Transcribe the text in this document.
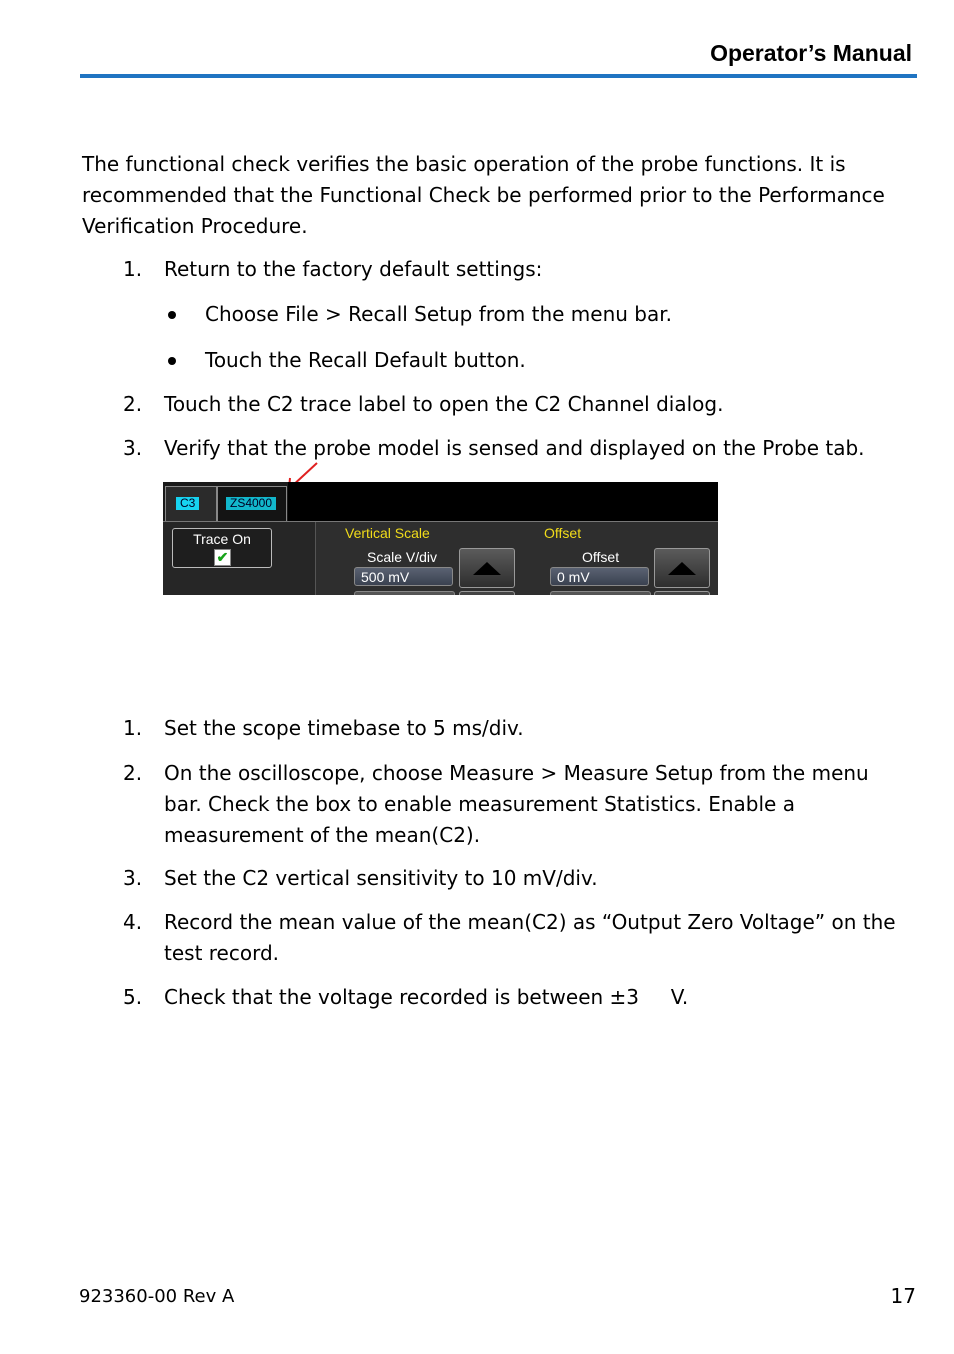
Operator’s Manual
The functional check verifies the basic operation of the probe functions. It is recommended that the Functional Check be performed prior to the Performance Verification Procedure.
1. Return to the factory default settings:
Choose File > Recall Setup from the menu bar.
Touch the Recall Default button.
2. Touch the C2 trace label to open the C2 Channel dialog.
3. Verify that the probe model is sensed and displayed on the Probe tab.
C3	ZS4000
Trace On
✔
Vertical Scale
Scale V/div
500 mV
Offset
Offset
0 mV
1. Set the scope timebase to 5 ms/div.
2. On the oscilloscope, choose Measure > Measure Setup from the menu bar. Check the box to enable measurement Statistics. Enable a measurement of the mean(C2).
3. Set the C2 vertical sensitivity to 10 mV/div.
4. Record the mean value of the mean(C2) as “Output Zero Voltage” on the test record.
5. Check that the voltage recorded is between ±3     V.
923360-00 Rev A	17
